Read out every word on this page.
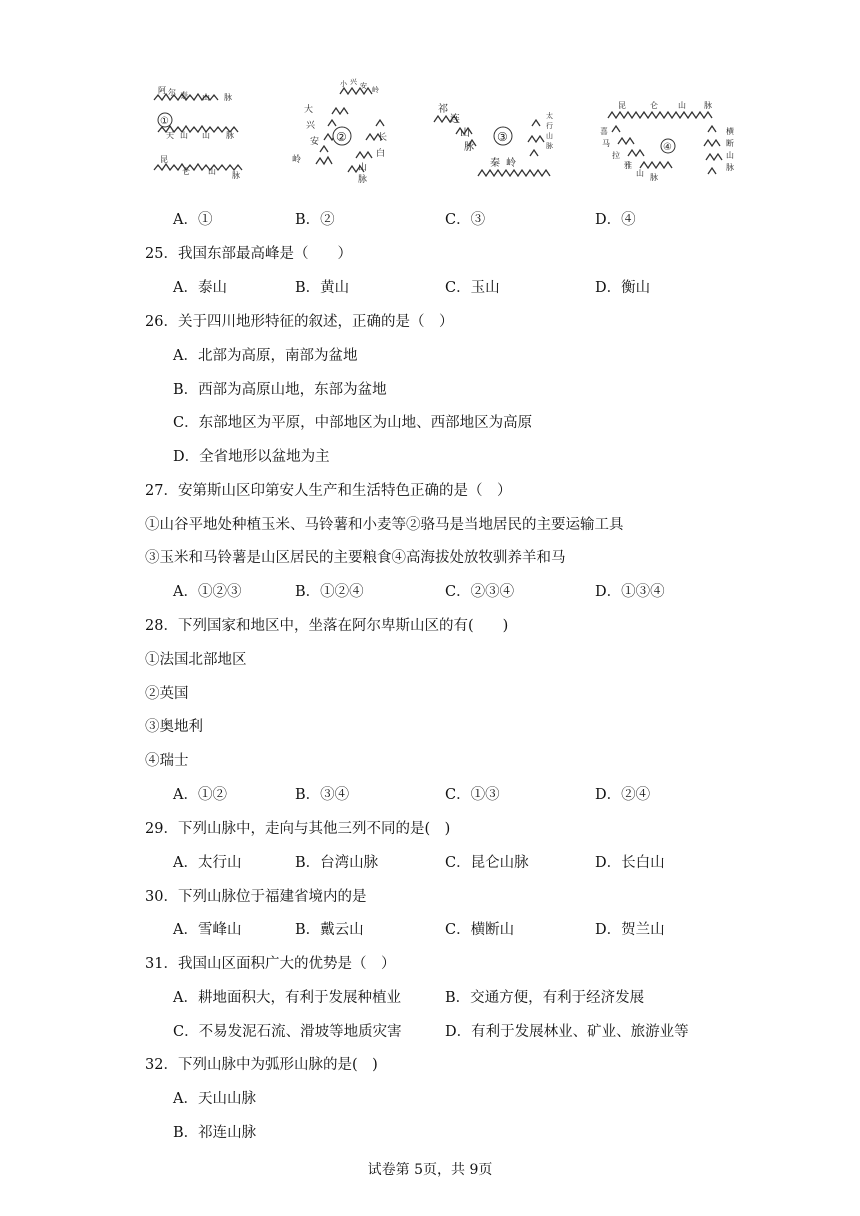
①
阿 尔 泰 山 脉
天 山 山 脉
昆
仑 山 脉
②
大
兴
安
岭
小 兴 安 岭
长
白
山
脉
③
祁
连
山
脉
太
行
山
脉
秦 岭
④
昆	仑	山 脉
喜
马
拉
雅
山 脉
横
断
山
脉
A．①	B．②	C．③	D．④
25．我国东部最高峰是（　　）
A．泰山	B．黄山	C．玉山	D．衡山
26．关于四川地形特征的叙述，正确的是（　）
A．北部为高原，南部为盆地
B．西部为高原山地，东部为盆地
C．东部地区为平原，中部地区为山地、西部地区为高原
D．全省地形以盆地为主
27．安第斯山区印第安人生产和生活特色正确的是（　）
①山谷平地处种植玉米、马铃薯和小麦等②骆马是当地居民的主要运输工具
③玉米和马铃薯是山区居民的主要粮食④高海拔处放牧驯养羊和马
A．①②③	B．①②④	C．②③④	D．①③④
28．下列国家和地区中，坐落在阿尔卑斯山区的有(　　)
①法国北部地区
②英国
③奥地利
④瑞士
A．①②	B．③④	C．①③	D．②④
29．下列山脉中，走向与其他三列不同的是(　)
A．太行山	B．台湾山脉	C．昆仑山脉	D．长白山
30．下列山脉位于福建省境内的是
A．雪峰山	B．戴云山	C．横断山	D．贺兰山
31．我国山区面积广大的优势是（　）
A．耕地面积大，有利于发展种植业	B．交通方便，有利于经济发展
C．不易发泥石流、滑坡等地质灾害	D．有利于发展林业、矿业、旅游业等
32．下列山脉中为弧形山脉的是(　)
A．天山山脉
B．祁连山脉
试卷第 5页，共 9页
